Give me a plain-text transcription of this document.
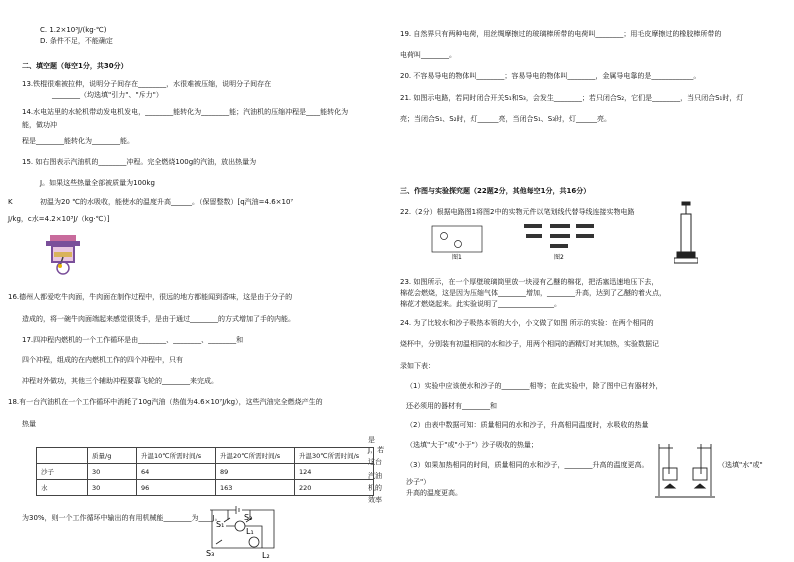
C. 1.2×10³J/(kg·℃)
D. 条件不足，不能确定
二、填空题（每空1分，共30分）
13.铁棍很难被拉伸，说明分子间存在________，水很难被压缩，说明分子间存在
________（均选填"引力"、"斥力"）
14.水电站里的水轮机带动发电机发电，________能转化为________能；汽油机的压缩冲程是____能转化为
能，做功冲
程是________能转化为________能。
15. 如右图表示汽油机的________冲程。完全燃烧100g的汽油，放出热量为
J。如果这些热量全部被质量为100kg
K	初温为20 ℃的水吸收，能使水的温度升高______。（保留整数）[q汽油=4.6×10⁷
J/kg，c水=4.2×10³J/（kg·℃）]
16.德州人都爱吃牛肉面，牛肉面在制作过程中，很远的地方都能闻到香味，这是由于分子的
造成的，将一碗牛肉面端起来感觉很烫手，是由于通过________的方式增加了手的内能。
17.四冲程内燃机的一个工作循环是由________、________、________和
四个冲程，组成的在内燃机工作的四个冲程中，只有
冲程对外做功，其他三个辅助冲程要靠飞轮的________来完成。
18.有一台汽油机在一个工作循环中消耗了10g汽油（热值为4.6×10⁷J/kg），这些汽油完全燃烧产生的
热量
是
J，若
这台
汽油
机的
效率
	质量/g	升温10℃所需时间/s	升温20℃所需时间/s	升温30℃所需时间/s
沙子	30	64	89	124
水	30	96	163	220
为30%，则一个工作循环中输出的有用机械能________为____J。
S₁
S₂
L₁
S₃	L₂
19. 自然界只有两种电荷，用丝绸摩擦过的玻璃棒所带的电荷叫________；用毛皮摩擦过的橡胶棒所带的
电荷叫________。
20. 不容易导电的物体叫________；容易导电的物体叫________，金属导电靠的是____________。
21. 如图示电路，若同时闭合开关S₁和S₃，会发生________；若只闭合S₂，它们是________，当只闭合S₁时，灯
亮；当闭合S₁、S₂时，灯______亮，当闭合S₁、S₃时，灯______亮。
三、作图与实验探究题（22题2分，其他每空1分，共16分）
22.（2分）根据电路图1将图2中的实物元件以笔划线代替导线连接实物电路
图1	图2
23. 如图所示，在一个厚壁玻璃筒里放一块浸有乙醚的棉花，把活塞迅速地压下去，
棉花会燃烧，这是因为压缩气体________增加，________升高，达到了乙醚的着火点，
棉花才燃烧起来。此实验说明了________________。
24. 为了比较水和沙子吸热本领的大小，小文做了如图 所示的实验：在两个相同的
烧杯中，分别装有初温相同的水和沙子，用两个相同的酒精灯对其加热，实验数据记
录如下表：
（1）实验中应该使水和沙子的________相等；在此实验中，除了图中已有器材外，
还必须用的器材有________和
（2）由表中数据可知：质量相同的水和沙子，升高相同温度时，水吸收的热量
（选填"大于"或"小于"）沙子吸收的热量；
（3）如果加热相同的时间，质量相同的水和沙子，________升高的温度更高。	（选填"水"或"
沙子"）
升高的温度更高。
